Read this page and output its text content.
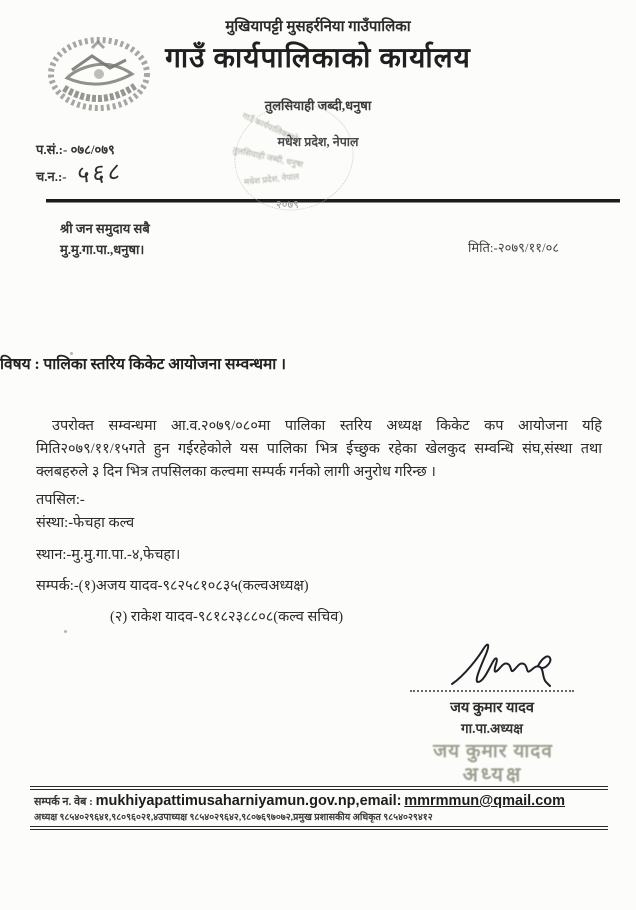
मुखियापट्टी मुसहर्रनिया गाउँपालिका
गाउँ कार्यपालिकाको कार्यालय
तुलसियाही जब्दी,धनुषा
मधेश प्रदेश, नेपाल
गाउँ कार्यपालिकाको
तुलसियाही जब्दी, धनुषा
मधेश प्रदेश, नेपाल
२०७९
प.सं.:- ०७८/०७९
च.न.:- ५६८
श्री जन समुदाय सबै
मु.मु.गा.पा.,धनुषा।	मिति:-२०७९/११/०८
विषय : पालिका स्तरिय किकेट आयोजना सम्वन्धमा ।
उपरोक्त सम्वन्धमा आ.व.२०७९/०८०मा पालिका स्तरिय अध्यक्ष किकेट कप आयोजना यहि मिति२०७९/११/१५गते हुन गईरहेकोले यस पालिका भित्र ईच्छुक रहेका खेलकुद सम्वन्धि संघ,संस्था तथा क्लबहरुले ३ दिन भित्र तपसिलका कल्वमा सम्पर्क गर्नको लागी अनुरोध गरिन्छ ।
तपसिल:-
संस्था:-फेचहा कल्व
स्थान:-मु.मु.गा.पा.-४,फेचहा।
सम्पर्क:-(१)अजय यादव-९८२५८१०८३५(कल्वअध्यक्ष)
(२) राकेश यादव-९८१८२३८८०८(कल्व सचिव)
जय कुमार यादव
गा.पा.अध्यक्ष
जय कुमार यादव
अध्यक्ष
सम्पर्क न. वेब : mukhiyapattimusaharniyamun.gov.np,email: mmrmmun@qmail.com
अध्यक्ष ९८५४०२९६४१,९८०९६०२१,४उपाध्यक्ष ९८५४०२९६४२,९८०७६९७०७२,प्रमुख प्रशासकीय अधिकृत ९८५४०२९४१२
